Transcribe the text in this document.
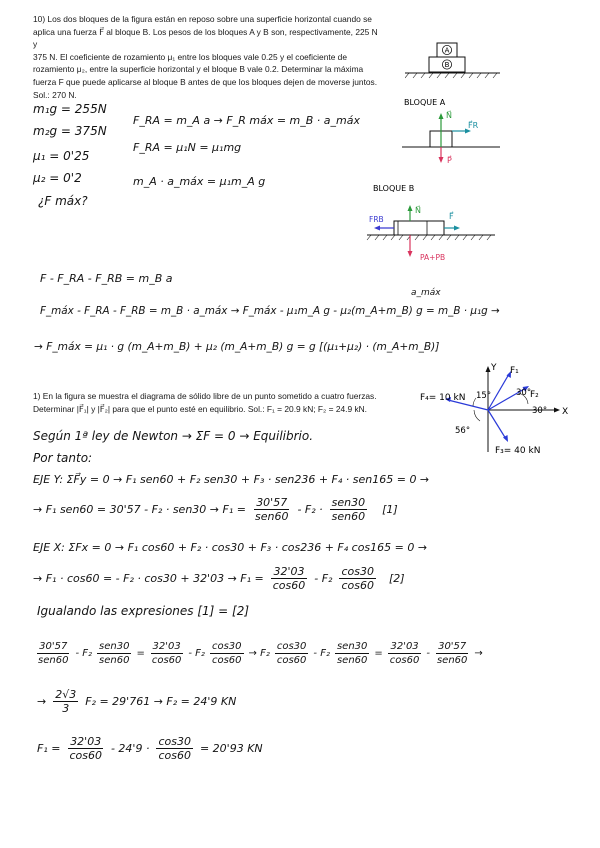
10) Los dos bloques de la figura están en reposo sobre una superficie horizontal cuando se
aplica una fuerza F⃗ al bloque B. Los pesos de los bloques A y B son, respectivamente, 225 N y
375 N. El coeficiente de rozamiento μ₁ entre los bloques vale 0.25 y el coeficiente de
rozamiento μ₂, entre la superficie horizontal y el bloque B vale 0.2. Determinar la máxima
fuerza F que puede aplicarse al bloque B antes de que los bloques dejen de moverse juntos.
Sol.: 270 N.
A
B
m₁g = 255N
m₂g = 375N
μ₁ = 0'25
μ₂ = 0'2
¿F máx?
F_RA = m_A a → F_R máx = m_B · a_máx
F_RA = μ₁N = μ₁mg
m_A · a_máx = μ₁m_A g
BLOQUE A
N⃗
F⃗R
P⃗
BLOQUE B
N⃗
FRB	F⃗
PA+PB
F - F_RA - F_RB = m_B a
a_máx
F_máx - F_RA - F_RB = m_B · a_máx → F_máx - μ₁m_A g - μ₂(m_A+m_B) g = m_B · μ₁g →
→ F_máx = μ₁ · g (m_A+m_B) + μ₂ (m_A+m_B) g = g [(μ₁+μ₂) · (m_A+m_B)]
1) En la figura se muestra el diagrama de sólido libre de un punto sometido a cuatro fuerzas.
Determinar |F⃗₁| y |F⃗₂| para que el punto esté en equilibrio. Sol.: F₁ = 20.9 kN; F₂ = 24.9 kN.	X
Y F₁
F₂
30°
30°
F₄= 10 kN 15°
F₃= 40 kN
56°
Según 1ª ley de Newton → ΣF = 0 → Equilibrio.
Por tanto:
EJE Y: ΣF⃗y = 0 → F₁ sen60 + F₂ sen30 + F₃ · sen236 + F₄ · sen165 = 0 →
→ F₁ $sen60 = 30'57 - F_2 \cdot sen30 \to F_1 = \frac{30'57}{\text{sen60}} - F_2 \cdot \frac{\text{sen30}}{\text{sen60}} [1]$
EJE X: ΣFx = 0 → F₁ cos60 + F₂ · cos30 + F₃ · cos236 + F₄ cos165 = 0 →
→ F₁ · cos60 = - $F_2 \cdot \cos 30 + 32'03 \to F_1 = \frac{32'03}{\cos 60} - F_2 \frac{\cos 30}{\cos 60} [2]$
Igualando las expresiones [1] = [2]
$\frac{30'57}{\text{sen60}} - F_2 \frac{\text{sen30}}{\text{sen60}} = \frac{32'03}{\cos 60} - F_2 \frac{\cos 30}{\cos 60} \to F_2 \frac{\cos 30}{\cos 60} - F_2 \frac{\text{sen30}}{\text{sen60}} = \frac{32'03}{\cos 60} - \frac{30'57}{\text{sen60}}$ →
→ $\frac{2√3}{3} F_2 = 29'761 \to F_2 = 24'9$ KN
$F_1 = \frac{32'03}{\cos 60} - 24'9 \cdot \frac{\cos 30}{\cos 60} = 20'93$ KN
